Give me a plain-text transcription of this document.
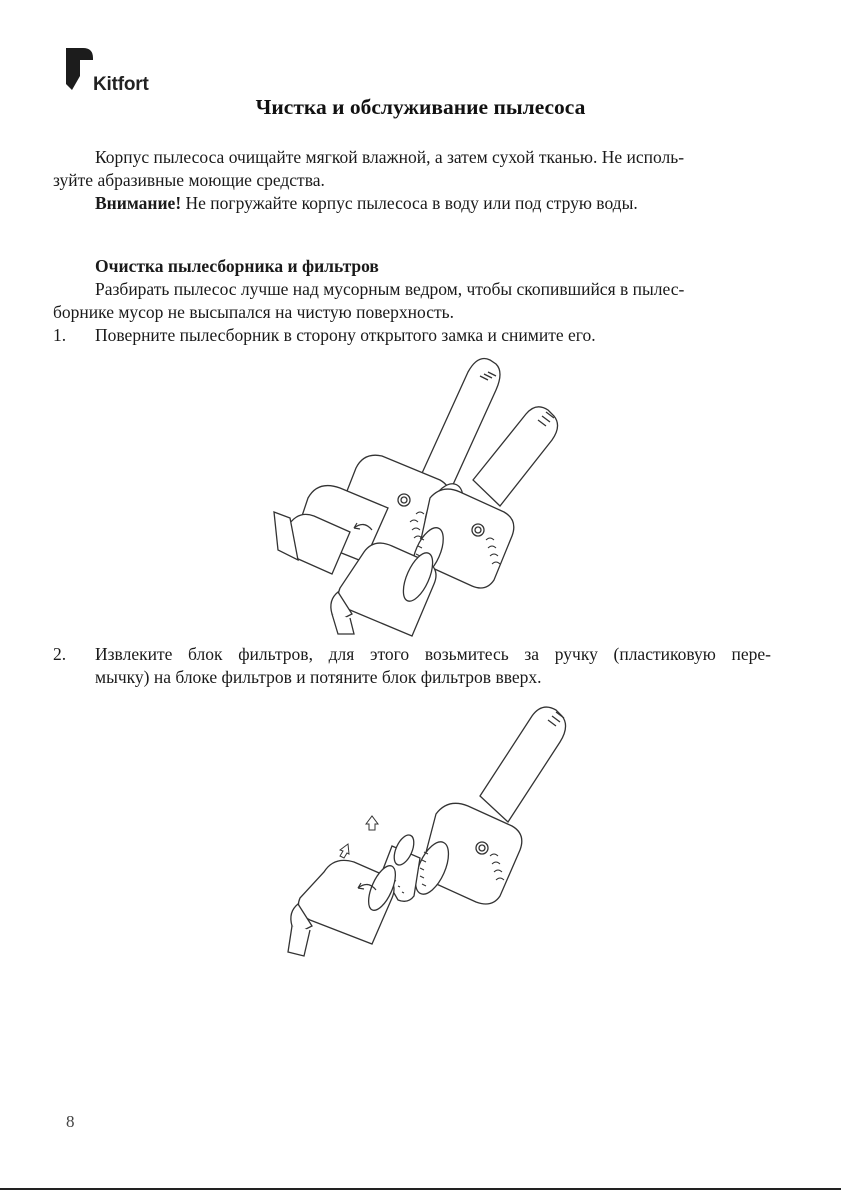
Kitfort
Чистка и обслуживание пылесоса

Корпус пылесоса очищайте мягкой влажной, а затем сухой тканью. Не исполь-
зуйте абразивные моющие средства.

Внимание! Не погружайте корпус пылесоса в воду или под струю воды.

Очистка пылесборника и фильтров

Разбирать пылесос лучше над мусорным ведром, чтобы скопившийся в пылес-
борнике мусор не высыпался на чистую поверхность.

1.	Поверните пылесборник в сторону открытого замка и снимите его.
2.	Извлеките блок фильтров, для этого возьмитесь за ручку (пластиковую пере-
мычку) на блоке фильтров и потяните блок фильтров вверх.
8
